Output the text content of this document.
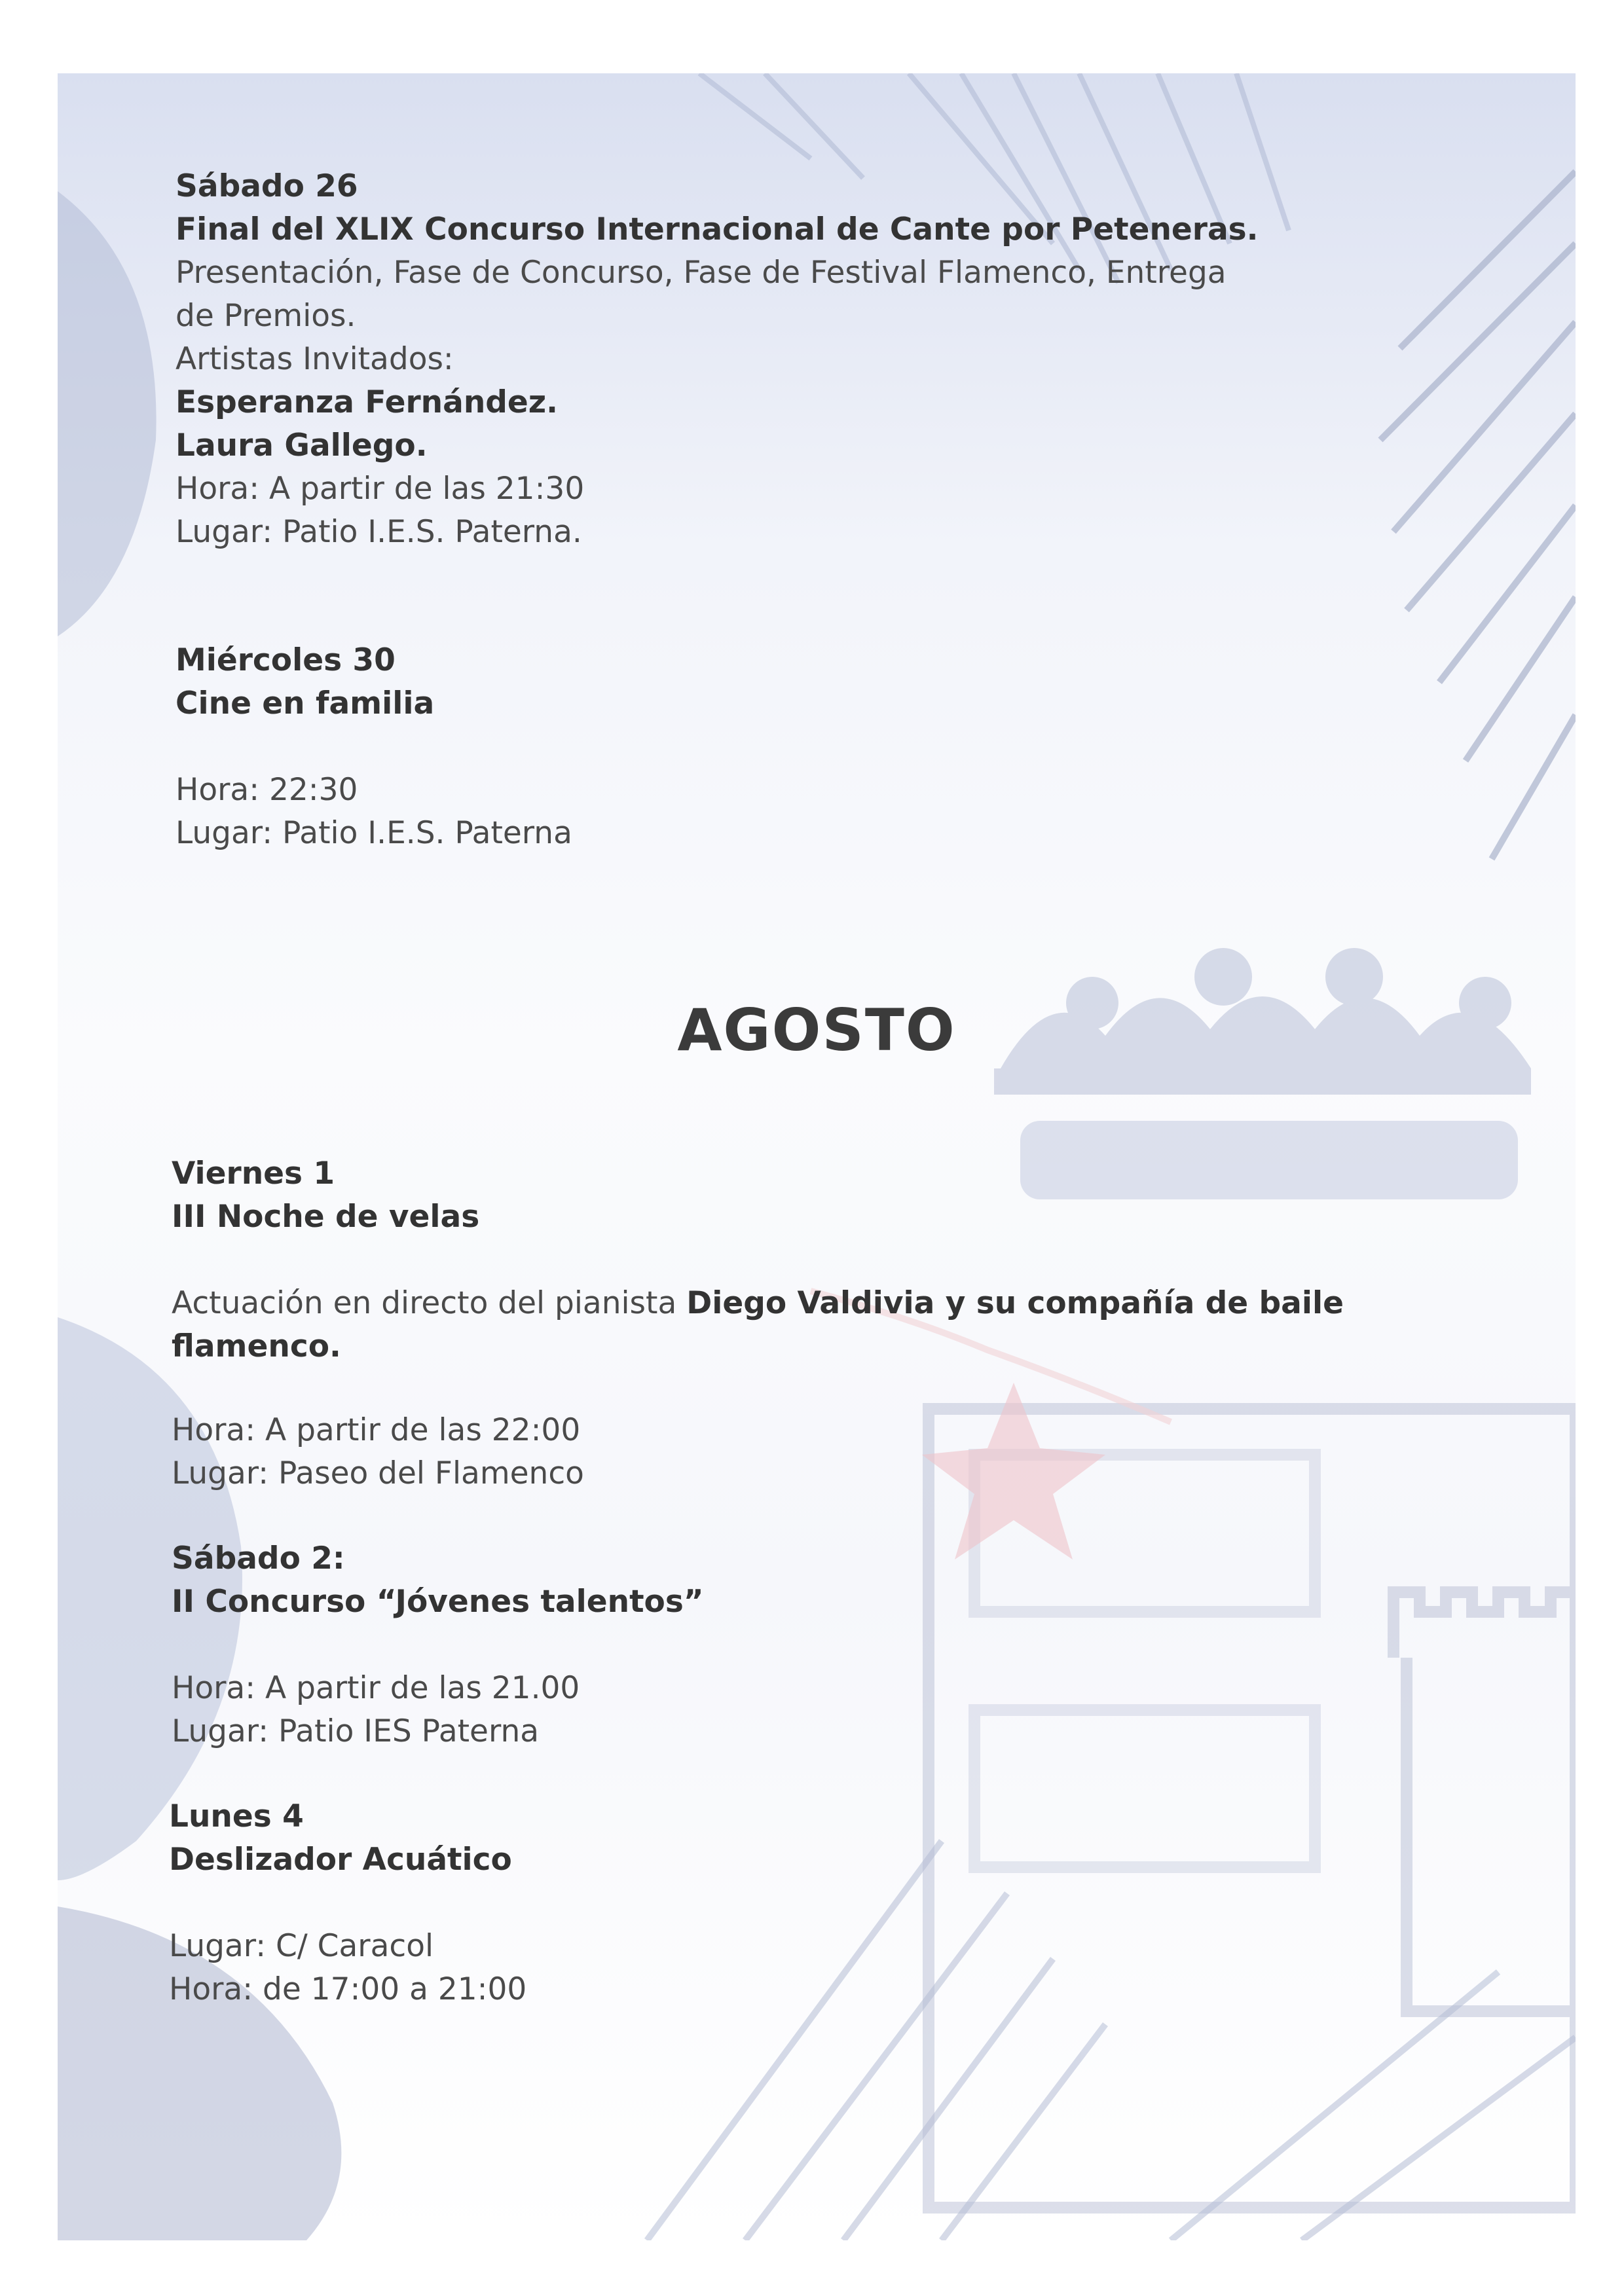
Sábado 26

Final del XLIX Concurso Internacional de Cante por Peteneras.

Presentación, Fase de Concurso, Fase de Festival Flamenco, Entrega

de Premios.

Artistas Invitados:

Esperanza Fernández.

Laura Gallego.

Hora: A partir de las 21:30

Lugar: Patio I.E.S. Paterna.

Miércoles 30

Cine en familia

Hora: 22:30

Lugar: Patio I.E.S. Paterna

AGOSTO

Viernes 1

III Noche de velas

Actuación en directo del pianista Diego Valdivia y su compañía de baile flamenco.

Hora: A partir de las 22:00

Lugar: Paseo del Flamenco

Sábado 2:

II Concurso “Jóvenes talentos”

Hora: A partir de las 21.00

Lugar: Patio IES Paterna

Lunes 4

Deslizador Acuático

Lugar: C/ Caracol

Hora: de 17:00 a 21:00
